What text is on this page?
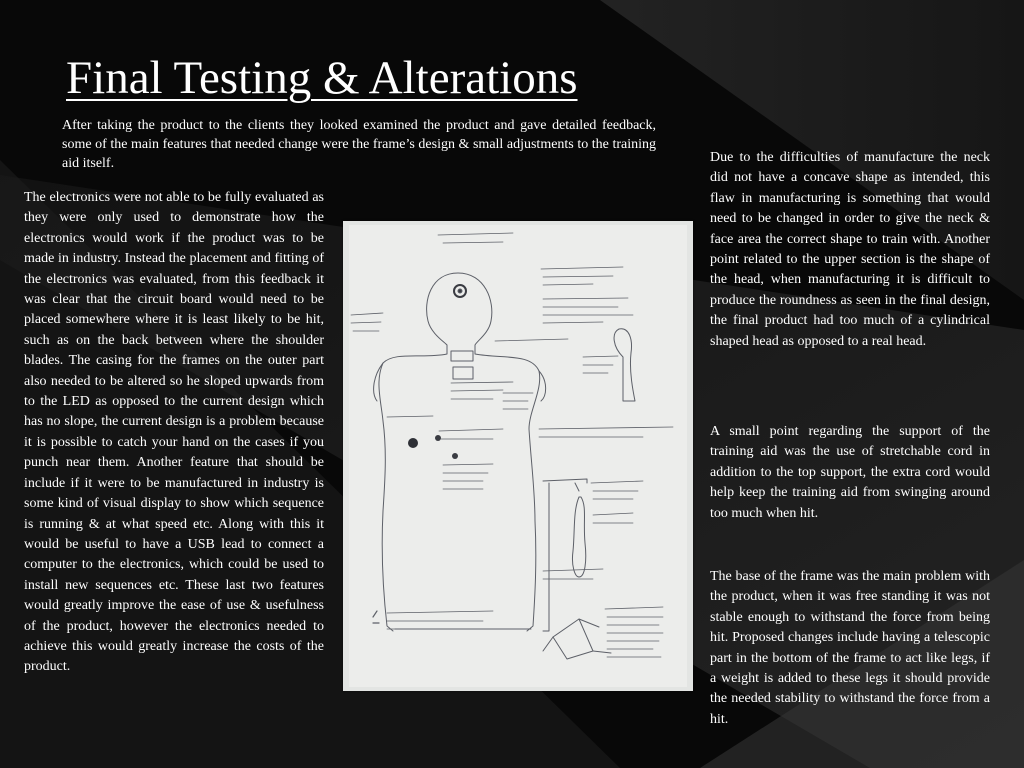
Final Testing & Alterations

After taking the product to the clients they looked examined the product and gave detailed feedback, some of the main features that needed change were the frame’s design & small adjustments to the training aid itself.

The electronics were not able to be fully evaluated as they were only used to demonstrate how the electronics would work if the product was to be made in industry. Instead the placement and fitting of the electronics was evaluated, from this feedback it was clear that the circuit board would need to be placed somewhere where it is least likely to be hit, such as on the back between where the shoulder blades. The casing for the frames on the outer part also needed to be altered so he sloped upwards from to the LED as opposed to the current design which has no slope, the current design is a problem because it is possible to catch your hand on the cases if you punch near them. Another feature that should be include if it were to be manufactured in industry is some kind of visual display to show which sequence is running & at what speed etc. Along with this it would be useful to have a USB lead to connect a computer to the electronics, which could be used to install new sequences etc. These last two features would greatly improve the ease of use & usefulness of the product, however the electronics needed to achieve this would greatly increase the costs of the product.

Due to the difficulties of manufacture the neck did not have a concave shape as intended, this flaw in manufacturing is something that would need to be changed in order to give the neck & face area the correct shape to train with. Another point related to the upper section is the shape of the head, when manufacturing it is difficult to produce the roundness as seen in the final design, the final product had too much of a cylindrical shaped head as opposed to a real head.

A small point regarding the support of the training aid was the use of stretchable cord in addition to the top support, the extra cord would help keep the training aid from swinging around too much when hit.

The base of the frame was the main problem with the product, when it was free standing it was not stable enough to withstand the force from being hit. Proposed changes include having a telescopic part in the bottom of the frame to act like legs, if a weight is added to these legs it should provide the needed stability to withstand the force from a hit.
